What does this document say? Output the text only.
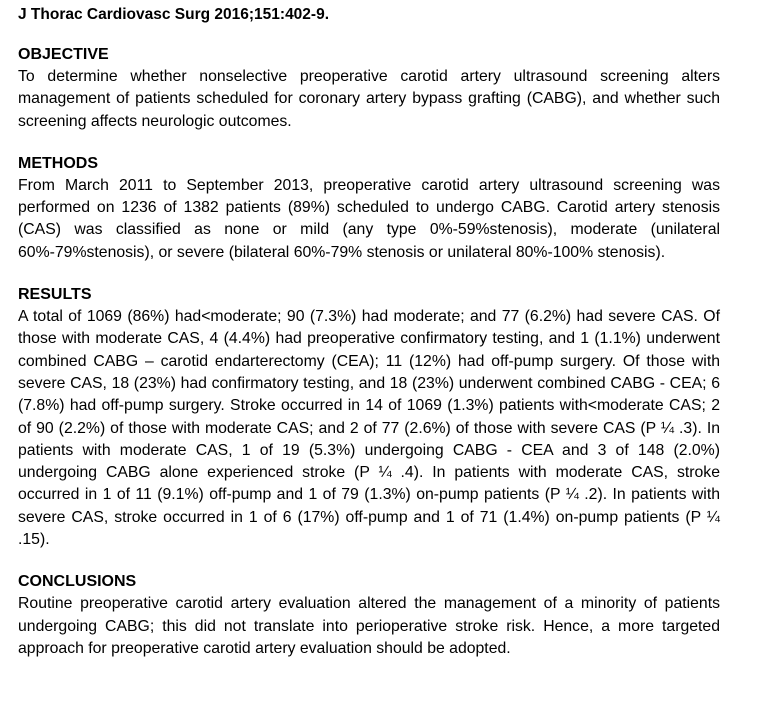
J Thorac Cardiovasc Surg 2016;151:402-9.

OBJECTIVE

To determine whether nonselective preoperative carotid artery ultrasound screening alters management of patients scheduled for coronary artery bypass grafting (CABG), and whether such screening affects neurologic outcomes.

METHODS

From March 2011 to September 2013, preoperative carotid artery ultrasound screening was performed on 1236 of 1382 patients (89%) scheduled to undergo CABG. Carotid artery stenosis (CAS) was classified as none or mild (any type 0%-59%stenosis), moderate (unilateral 60%-79%stenosis), or severe (bilateral 60%-79% stenosis or unilateral 80%-100% stenosis).

RESULTS

A total of 1069 (86%) had<moderate; 90 (7.3%) had moderate; and 77 (6.2%) had severe CAS. Of those with moderate CAS, 4 (4.4%) had preoperative confirmatory testing, and 1 (1.1%) underwent combined CABG – carotid endarterectomy (CEA); 11 (12%) had off-pump surgery. Of those with severe CAS, 18 (23%) had confirmatory testing, and 18 (23%) underwent combined CABG - CEA; 6 (7.8%) had off-pump surgery. Stroke occurred in 14 of 1069 (1.3%) patients with<moderate CAS; 2 of 90 (2.2%) of those with moderate CAS; and 2 of 77 (2.6%) of those with severe CAS (P ¼ .3). In patients with moderate CAS, 1 of 19 (5.3%) undergoing CABG - CEA and 3 of 148 (2.0%) undergoing CABG alone experienced stroke (P ¼ .4). In patients with moderate CAS, stroke occurred in 1 of 11 (9.1%) off-pump and 1 of 79 (1.3%) on-pump patients (P ¼ .2). In patients with severe CAS, stroke occurred in 1 of 6 (17%) off-pump and 1 of 71 (1.4%) on-pump patients (P ¼ .15).

CONCLUSIONS

Routine preoperative carotid artery evaluation altered the management of a minority of patients undergoing CABG; this did not translate into perioperative stroke risk. Hence, a more targeted approach for preoperative carotid artery evaluation should be adopted.
